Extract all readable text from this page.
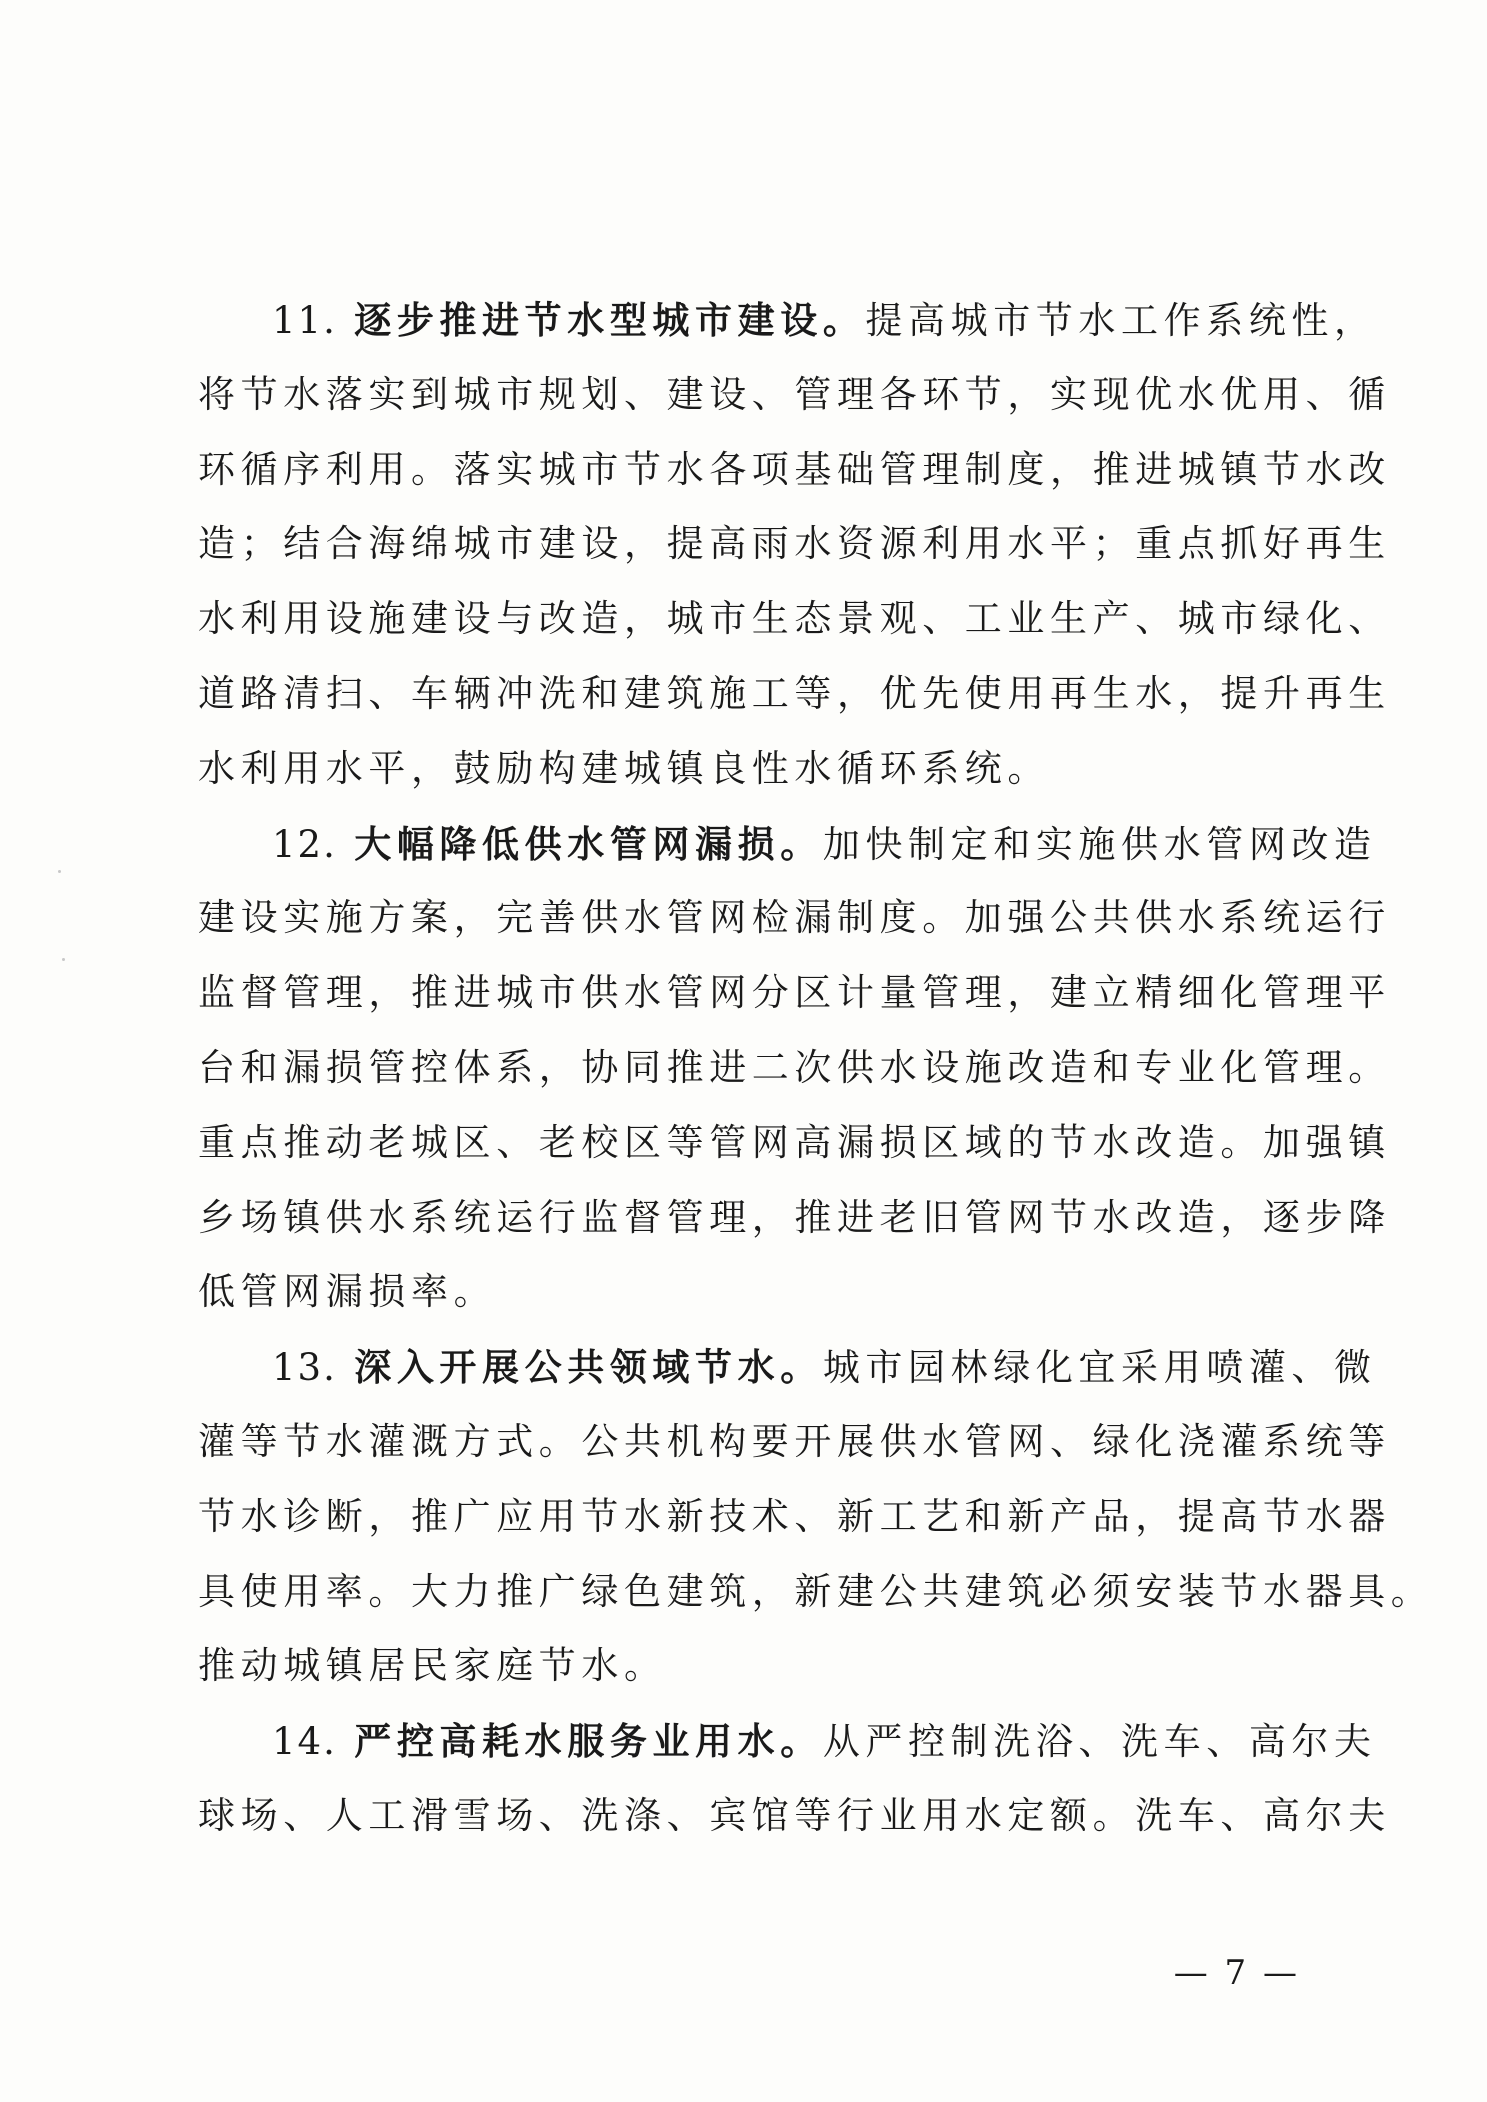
11. 逐步推进节水型城市建设。提高城市节水工作系统性，
将节水落实到城市规划、建设、管理各环节，实现优水优用、循
环循序利用。落实城市节水各项基础管理制度，推进城镇节水改
造；结合海绵城市建设，提高雨水资源利用水平；重点抓好再生
水利用设施建设与改造，城市生态景观、工业生产、城市绿化、
道路清扫、车辆冲洗和建筑施工等，优先使用再生水，提升再生
水利用水平，鼓励构建城镇良性水循环系统。
12. 大幅降低供水管网漏损。加快制定和实施供水管网改造
建设实施方案，完善供水管网检漏制度。加强公共供水系统运行
监督管理，推进城市供水管网分区计量管理，建立精细化管理平
台和漏损管控体系，协同推进二次供水设施改造和专业化管理。
重点推动老城区、老校区等管网高漏损区域的节水改造。加强镇
乡场镇供水系统运行监督管理，推进老旧管网节水改造，逐步降
低管网漏损率。
13. 深入开展公共领域节水。城市园林绿化宜采用喷灌、微
灌等节水灌溉方式。公共机构要开展供水管网、绿化浇灌系统等
节水诊断，推广应用节水新技术、新工艺和新产品，提高节水器
具使用率。大力推广绿色建筑，新建公共建筑必须安装节水器具。
推动城镇居民家庭节水。
14. 严控高耗水服务业用水。从严控制洗浴、洗车、高尔夫
球场、人工滑雪场、洗涤、宾馆等行业用水定额。洗车、高尔夫
— 7 —
